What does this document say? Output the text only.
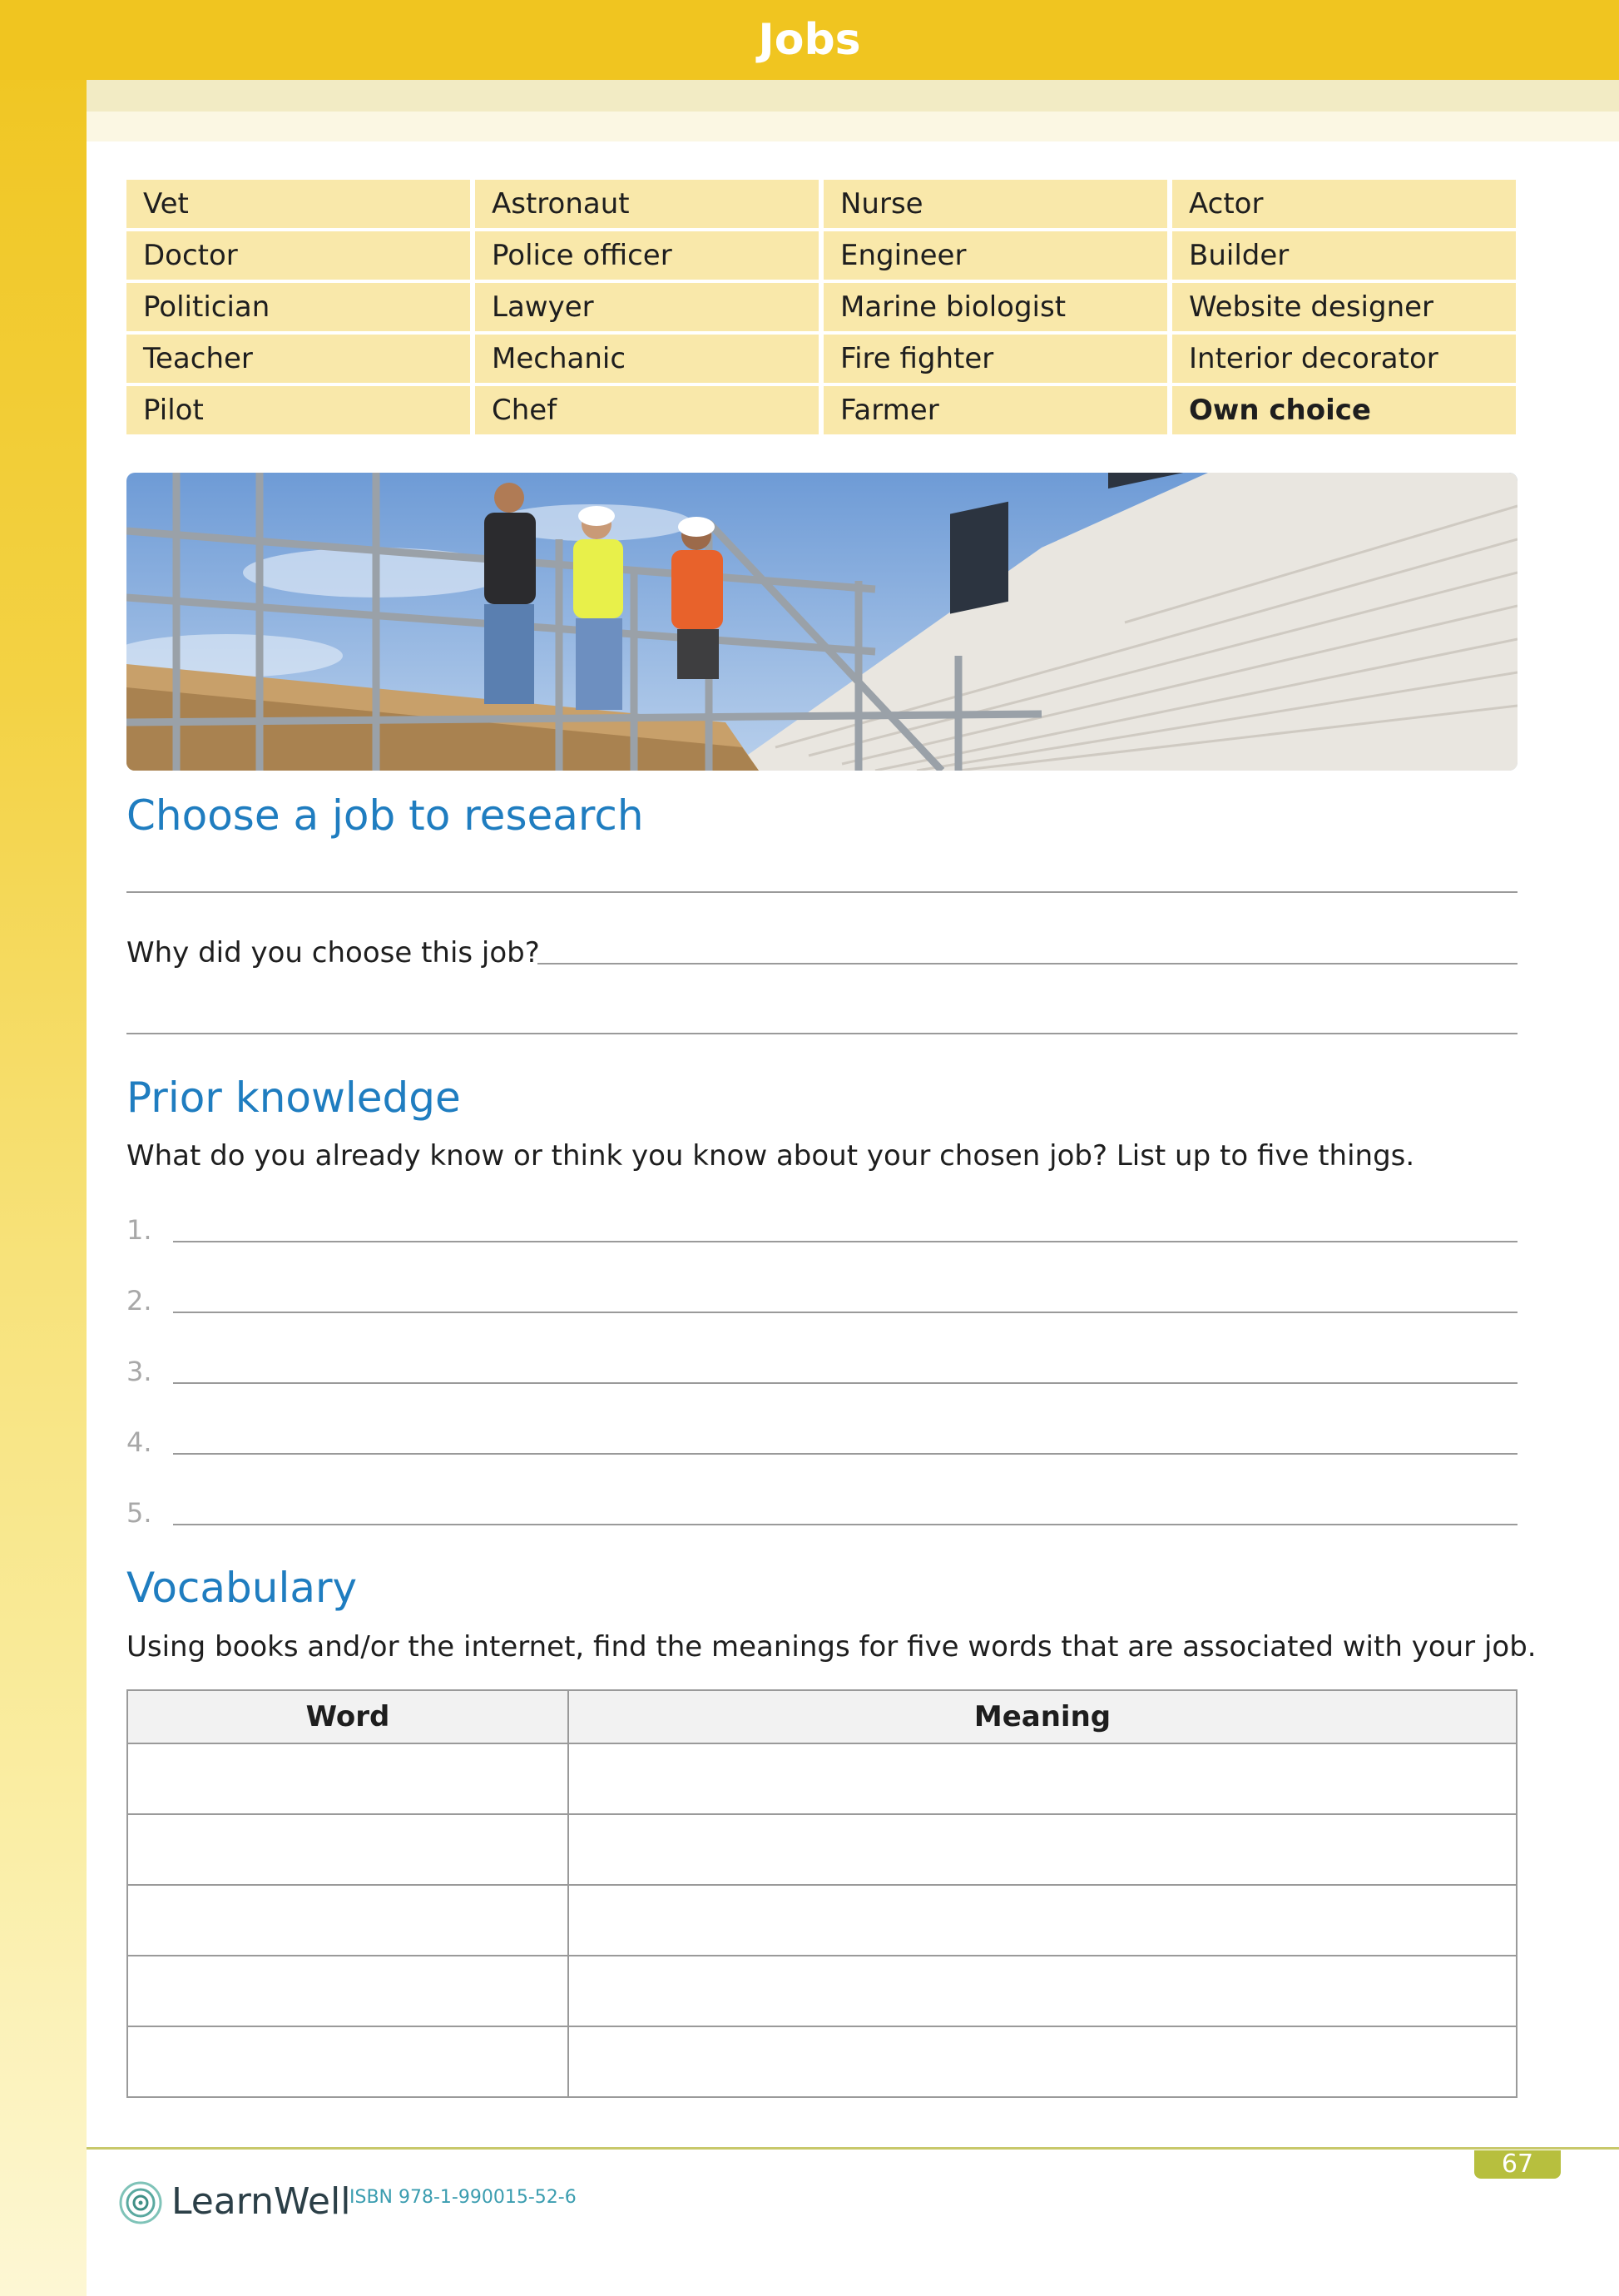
Jobs
Vet	Astronaut	Nurse	Actor
Doctor	Police officer	Engineer	Builder
Politician	Lawyer	Marine biologist	Website designer
Teacher	Mechanic	Fire fighter	Interior decorator
Pilot	Chef	Farmer	Own choice
Choose a job to research
Why did you choose this job?
Prior knowledge
What do you already know or think you know about your chosen job? List up to five things.
1.
2.
3.
4.
5.
Vocabulary
Using books and/or the internet, find the meanings for five words that are associated with your job.
Word	Meaning

67
LearnWell
ISBN 978-1-990015-52-6
